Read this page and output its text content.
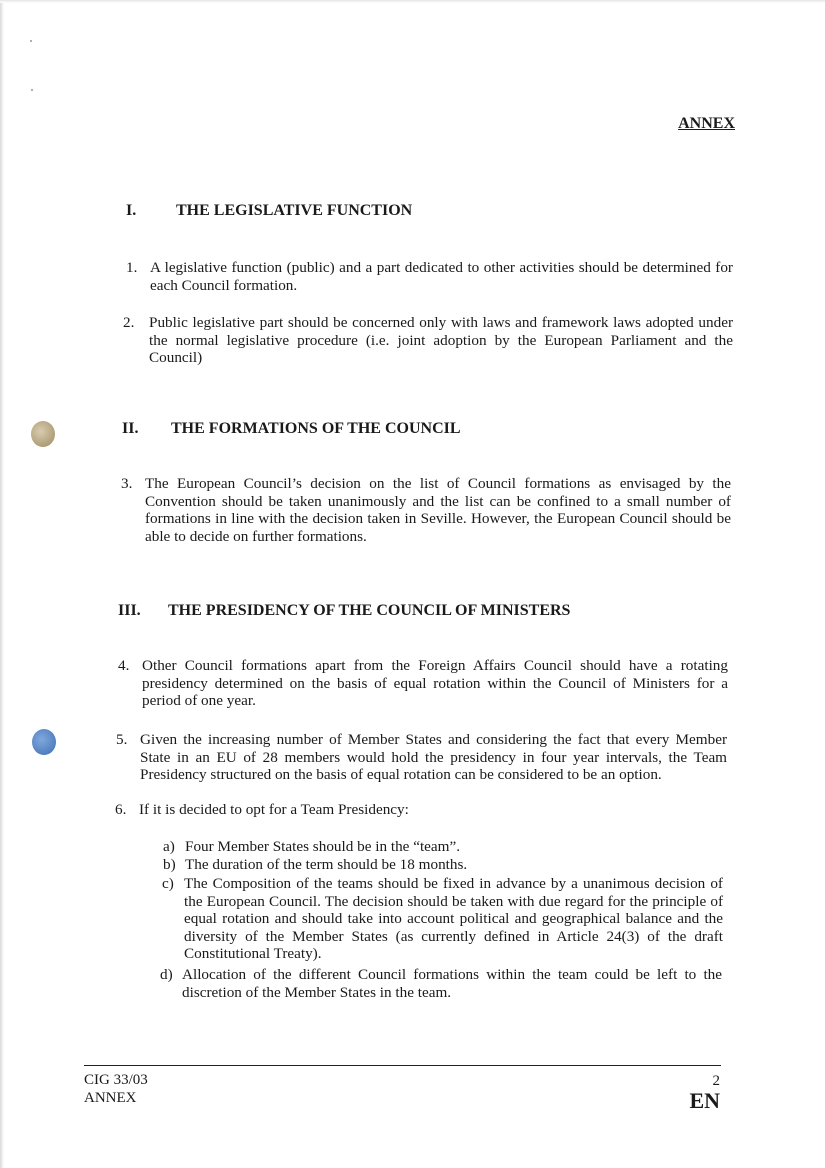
ANNEX
I. THE LEGISLATIVE FUNCTION
1. A legislative function (public) and a part dedicated to other activities should be determined for each Council formation.
2. Public legislative part should be concerned only with laws and framework laws adopted under the normal legislative procedure (i.e. joint adoption by the European Parliament and the Council)
II. THE FORMATIONS OF THE COUNCIL
3. The European Council’s decision on the list of Council formations as envisaged by the Convention should be taken unanimously and the list can be confined to a small number of formations in line with the decision taken in Seville. However, the European Council should be able to decide on further formations.
III. THE PRESIDENCY OF THE COUNCIL OF MINISTERS
4. Other Council formations apart from the Foreign Affairs Council should have a rotating presidency determined on the basis of equal rotation within the Council of Ministers for a period of one year.
5. Given the increasing number of Member States and considering the fact that every Member State in an EU of 28 members would hold the presidency in four year intervals, the Team Presidency structured on the basis of equal rotation can be considered to be an option.
6. If it is decided to opt for a Team Presidency:
a) Four Member States should be in the “team”.
b) The duration of the term should be 18 months.
c) The Composition of the teams should be fixed in advance by a unanimous decision of the European Council. The decision should be taken with due regard for the principle of equal rotation and should take into account political and geographical balance and the diversity of the Member States (as currently defined in Article 24(3) of the draft Constitutional Treaty).
d) Allocation of the different Council formations within the team could be left to the discretion of the Member States in the team.
CIG 33/03
ANNEX
2
EN
